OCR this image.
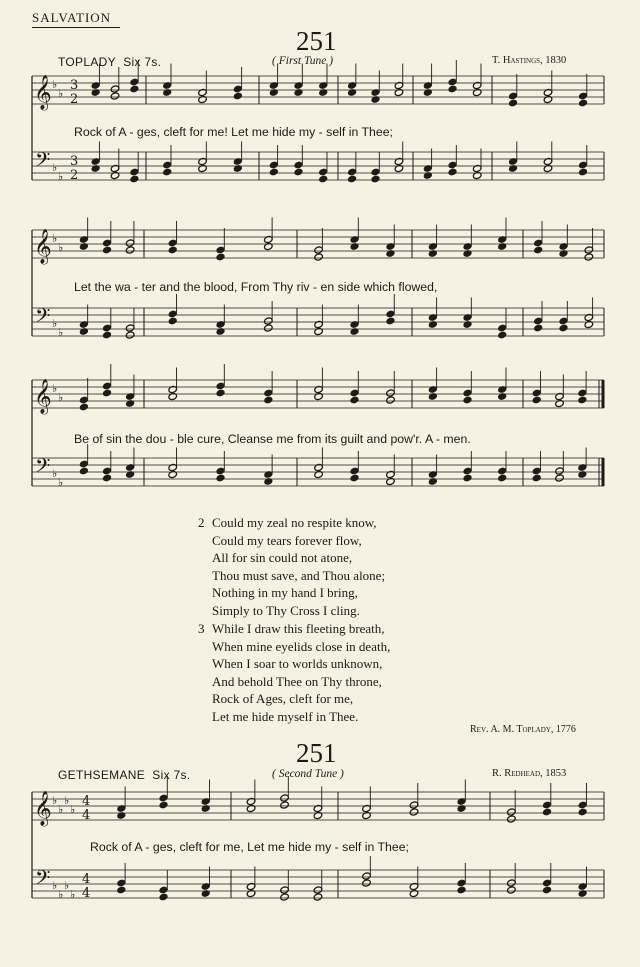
SALVATION
251
TOPLADY Six 7s.	( First Tune )	T. Hastings, 1830
Rock of A - ges, cleft for me! Let me hide my - self in Thee;
Let the wa - ter and the blood, From Thy riv - en side which flowed,
Be of sin the dou - ble cure, Cleanse me from its guilt and pow'r. A - men.
2 Could my zeal no respite know,
Could my tears forever flow,
All for sin could not atone,
Thou must save, and Thou alone;
Nothing in my hand I bring,
Simply to Thy Cross I cling.
3 While I draw this fleeting breath,
When mine eyelids close in death,
When I soar to worlds unknown,
And behold Thee on Thy throne,
Rock of Ages, cleft for me,
Let me hide myself in Thee.
Rev. A. M. Toplady, 1776
251
GETHSEMANE Six 7s.	( Second Tune )	R. Redhead, 1853
Rock of A - ges, cleft for me, Let me hide my - self in Thee;
𝄞
𝄢
♭
♭
♭
♭
3
2
3
2
𝄞
𝄢
♭
♭
♭
♭
𝄞
𝄢
♭
♭
♭
♭
𝄞
𝄢
♭
♭
♭
♭
♭
♭
♭
♭
4
4
4
4
